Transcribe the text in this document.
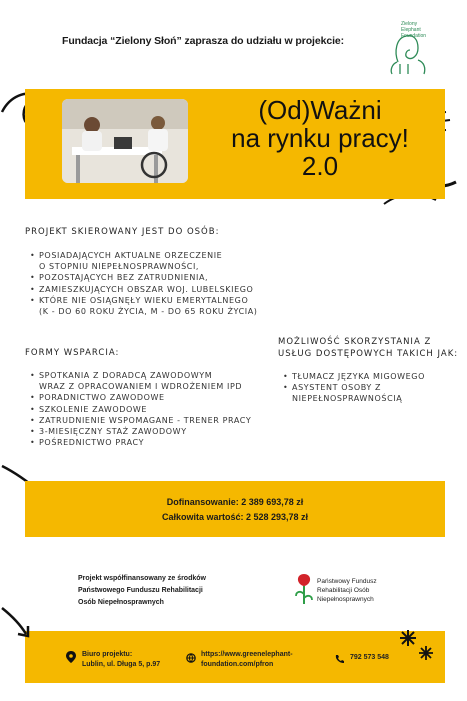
Fundacja “Zielony Słoń” zaprasza do udziału w projekcie:
Zielony
Elephant
Foundation
(Od)Ważni
na rynku pracy!
2.0
PROJEKT SKIEROWANY JEST DO OSÓB:
• POSIADAJĄCYCH AKTUALNE ORZECZENIE
O STOPNIU NIEPEŁNOSPRAWNOŚCI,
• POZOSTAJĄCYCH BEZ ZATRUDNIENIA,
• ZAMIESZKUJĄCYCH OBSZAR WOJ. LUBELSKIEGO
• KTÓRE NIE OSIĄGNĘŁY WIEKU EMERYTALNEGO
(K - DO 60 ROKU ŻYCIA, M - DO 65 ROKU ŻYCIA)
FORMY WSPARCIA:
• SPOTKANIA Z DORADCĄ ZAWODOWYM
WRAZ Z OPRACOWANIEM I WDROŻENIEM IPD
• PORADNICTWO ZAWODOWE
• SZKOLENIE ZAWODOWE
• ZATRUDNIENIE WSPOMAGANE - TRENER PRACY
• 3-MIESIĘCZNY STAŻ ZAWODOWY
• POŚREDNICTWO PRACY
MOŻLIWOŚĆ SKORZYSTANIA Z
USŁUG DOSTĘPOWYCH TAKICH JAK:
• TŁUMACZ JĘZYKA MIGOWEGO
• ASYSTENT OSOBY Z
NIEPEŁNOSPRAWNOŚCIĄ
Dofinansowanie: 2 389 693,78 zł
Całkowita wartość: 2 528 293,78 zł
Projekt współfinansowany ze środków
Państwowego Funduszu Rehabilitacji
Osób Niepełnosprawnych
Państwowy Fundusz
Rehabilitacji Osób
Niepełnosprawnych
Biuro projektu:
Lublin, ul. Długa 5, p.97
https://www.greenelephant-
foundation.com/pfron
792 573 548
